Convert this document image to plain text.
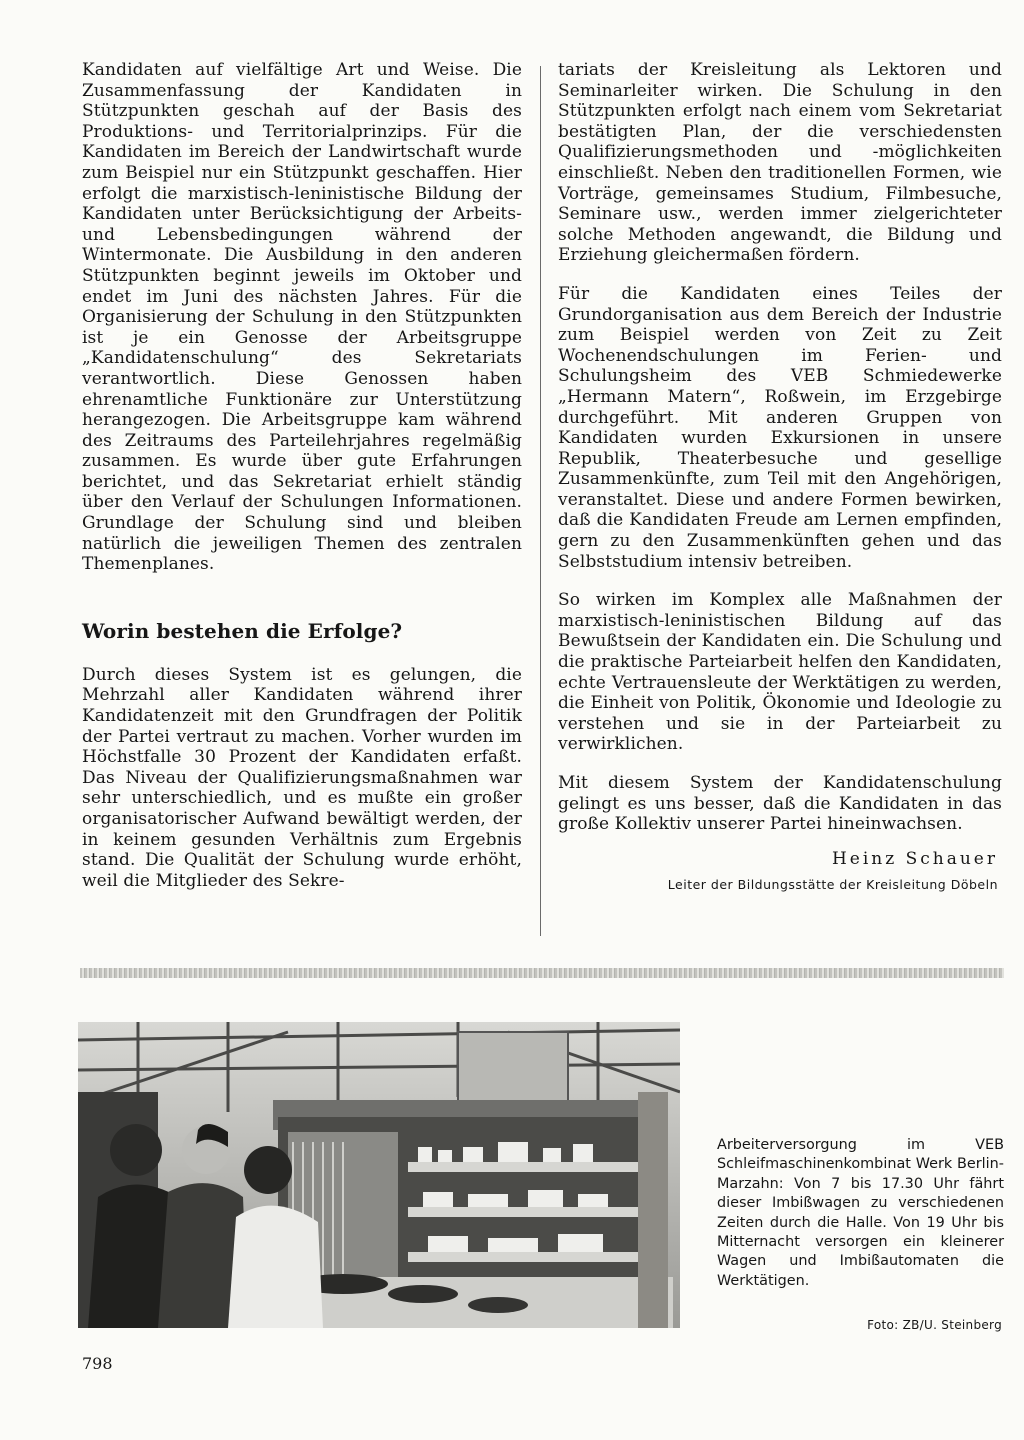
Kandidaten auf vielfältige Art und Weise. Die Zusammenfassung der Kandidaten in Stützpunkten geschah auf der Basis des Produktions- und Territorialprinzips. Für die Kandidaten im Bereich der Landwirtschaft wurde zum Beispiel nur ein Stützpunkt geschaffen. Hier erfolgt die marxistisch-leninistische Bildung der Kandidaten unter Berücksichtigung der Arbeits- und Lebensbedingungen während der Wintermonate. Die Ausbildung in den anderen Stützpunkten beginnt jeweils im Oktober und endet im Juni des nächsten Jahres. Für die Organisierung der Schulung in den Stützpunkten ist je ein Genosse der Arbeitsgruppe „Kandidatenschulung“ des Sekretariats verantwortlich. Diese Genossen haben ehrenamtliche Funktionäre zur Unterstützung herangezogen. Die Arbeitsgruppe kam während des Zeitraums des Parteilehrjahres regelmäßig zusammen. Es wurde über gute Erfahrungen berichtet, und das Sekretariat erhielt ständig über den Verlauf der Schulungen Informationen. Grundlage der Schulung sind und bleiben natürlich die jeweiligen Themen des zentralen Themenplanes.

Worin bestehen die Erfolge?

Durch dieses System ist es gelungen, die Mehrzahl aller Kandidaten während ihrer Kandidatenzeit mit den Grundfragen der Politik der Partei vertraut zu machen. Vorher wurden im Höchstfalle 30 Prozent der Kandidaten erfaßt. Das Niveau der Qualifizierungsmaßnahmen war sehr unterschiedlich, und es mußte ein großer organisatorischer Aufwand bewältigt werden, der in keinem gesunden Verhältnis zum Ergebnis stand. Die Qualität der Schulung wurde erhöht, weil die Mitglieder des Sekre-

tariats der Kreisleitung als Lektoren und Seminarleiter wirken. Die Schulung in den Stützpunkten erfolgt nach einem vom Sekretariat bestätigten Plan, der die verschiedensten Qualifizierungsmethoden und -möglichkeiten einschließt. Neben den traditionellen Formen, wie Vorträge, gemeinsames Studium, Filmbesuche, Seminare usw., werden immer zielgerichteter solche Methoden angewandt, die Bildung und Erziehung gleichermaßen fördern.

Für die Kandidaten eines Teiles der Grundorganisation aus dem Bereich der Industrie zum Beispiel werden von Zeit zu Zeit Wochenendschulungen im Ferien- und Schulungsheim des VEB Schmiedewerke „Hermann Matern“, Roßwein, im Erzgebirge durchgeführt. Mit anderen Gruppen von Kandidaten wurden Exkursionen in unsere Republik, Theaterbesuche und gesellige Zusammenkünfte, zum Teil mit den Angehörigen, veranstaltet. Diese und andere Formen bewirken, daß die Kandidaten Freude am Lernen empfinden, gern zu den Zusammenkünften gehen und das Selbststudium intensiv betreiben.

So wirken im Komplex alle Maßnahmen der marxistisch-leninistischen Bildung auf das Bewußtsein der Kandidaten ein. Die Schulung und die praktische Parteiarbeit helfen den Kandidaten, echte Vertrauensleute der Werktätigen zu werden, die Einheit von Politik, Ökonomie und Ideologie zu verstehen und sie in der Parteiarbeit zu verwirklichen.

Mit diesem System der Kandidatenschulung gelingt es uns besser, daß die Kandidaten in das große Kollektiv unserer Partei hineinwachsen.

Heinz Schauer
Leiter der Bildungsstätte der Kreisleitung Döbeln
Arbeiterversorgung im VEB Schleifmaschinenkombinat Werk Berlin-Marzahn: Von 7 bis 17.30 Uhr fährt dieser Imbißwagen zu verschiedenen Zeiten durch die Halle. Von 19 Uhr bis Mitternacht versorgen ein kleinerer Wagen und Imbißautomaten die Werktätigen.
Foto: ZB/U. Steinberg
798
